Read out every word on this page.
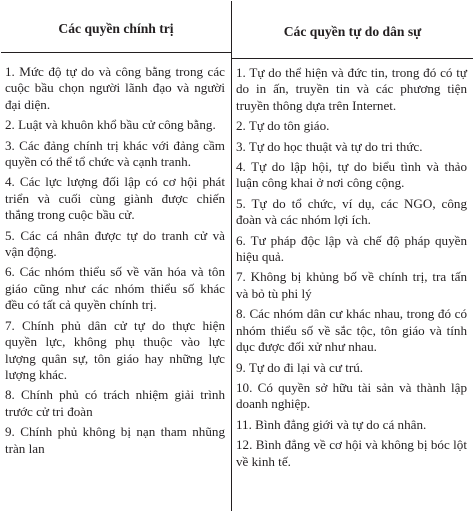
Các quyền chính trị
1. Mức độ tự do và công bằng trong các cuộc bầu chọn người lãnh đạo và người đại diện.
2. Luật và khuôn khổ bầu cử công bằng.
3. Các đảng chính trị khác với đảng cầm quyền có thể tổ chức và cạnh tranh.
4. Các lực lượng đối lập có cơ hội phát triển và cuối cùng giành được chiến thắng trong cuộc bầu cử.
5. Các cá nhân được tự do tranh cử và vận động.
6. Các nhóm thiểu số về văn hóa và tôn giáo cũng như các nhóm thiểu số khác đều có tất cả quyền chính trị.
7. Chính phủ dân cử tự do thực hiện quyền lực, không phụ thuộc vào lực lượng quân sự, tôn giáo hay những lực lượng khác.
8. Chính phủ có trách nhiệm giải trình trước cử tri đoàn
9. Chính phủ không bị nạn tham nhũng tràn lan
Các quyền tự do dân sự
1. Tự do thể hiện và đức tin, trong đó có tự do in ấn, truyền tin và các phương tiện truyền thông dựa trên Internet.
2. Tự do tôn giáo.
3. Tự do học thuật và tự do tri thức.
4. Tự do lập hội, tự do biểu tình và thảo luận công khai ở nơi công cộng.
5. Tự do tổ chức, ví dụ, các NGO, công đoàn và các nhóm lợi ích.
6. Tư pháp độc lập và chế độ pháp quyền hiệu quả.
7. Không bị khủng bố về chính trị, tra tấn và bỏ tù phi lý
8. Các nhóm dân cư khác nhau, trong đó có nhóm thiểu số về sắc tộc, tôn giáo và tính dục được đối xử như nhau.
9. Tự do đi lại và cư trú.
10. Có quyền sở hữu tài sản và thành lập doanh nghiệp.
11. Bình đẳng giới và tự do cá nhân.
12. Bình đẳng về cơ hội và không bị bóc lột về kinh tế.
